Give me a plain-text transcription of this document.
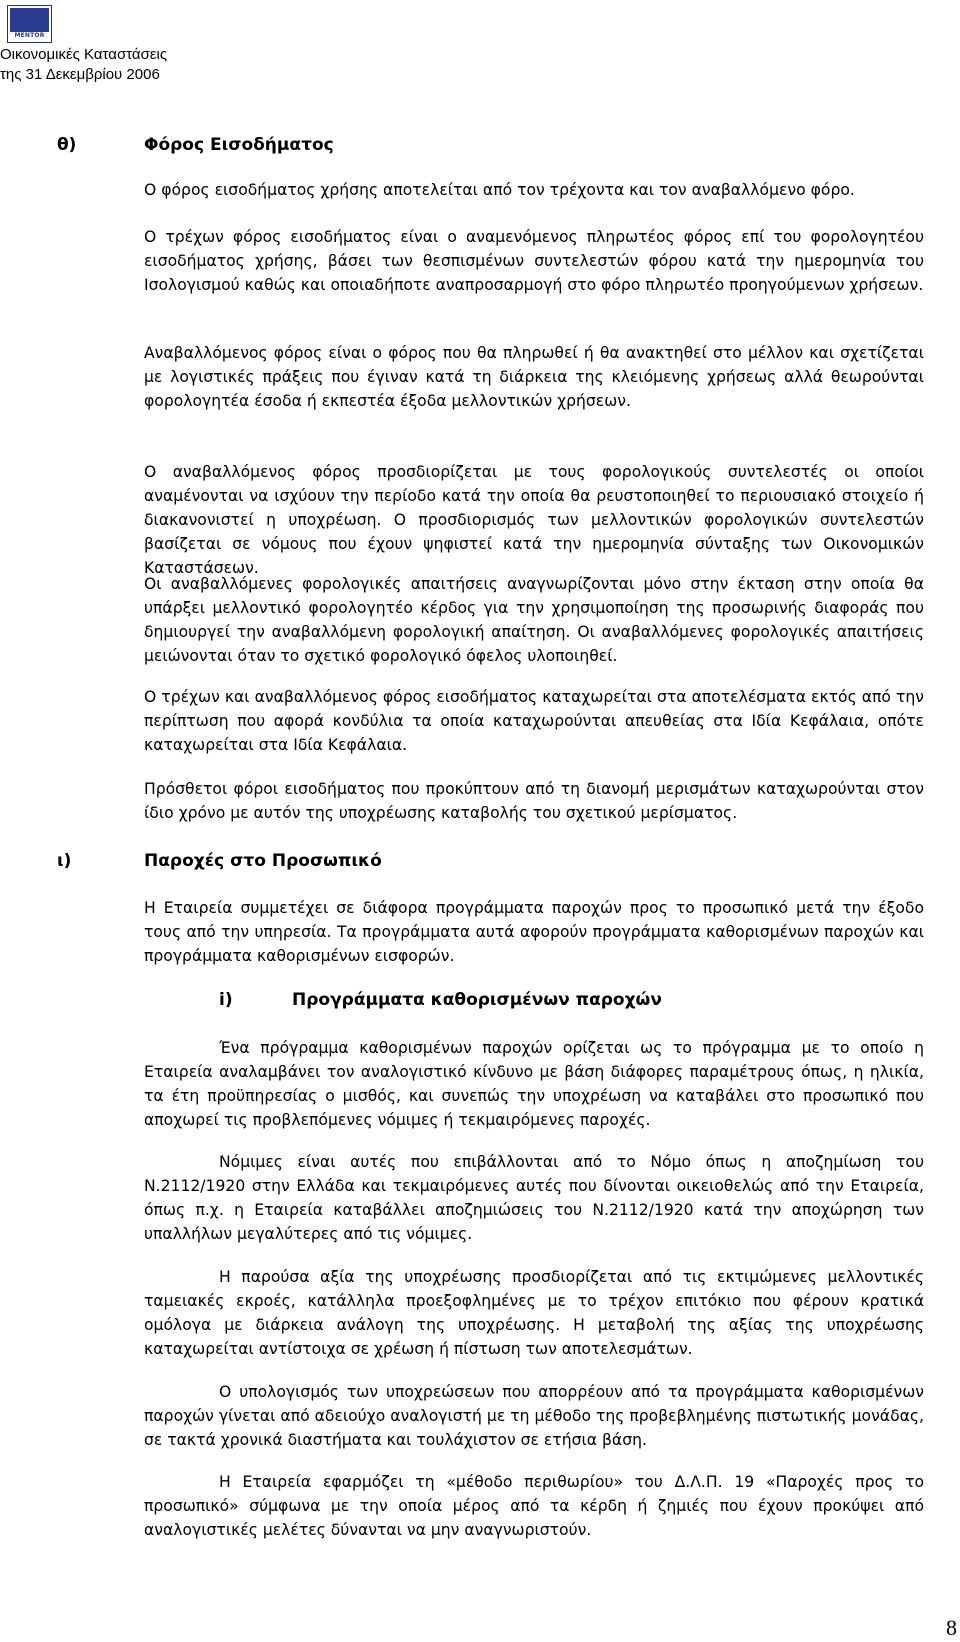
MENTOR
Οικονομικές Καταστάσεις
της 31 Δεκεμβρίου 2006
θ)	Φόρος Εισοδήματος
Ο φόρος εισοδήματος χρήσης αποτελείται από τον τρέχοντα και τον αναβαλλόμενο φόρο.
Ο τρέχων φόρος εισοδήματος είναι ο αναμενόμενος πληρωτέος φόρος επί του φορολογητέου εισοδήματος χρήσης, βάσει των θεσπισμένων συντελεστών φόρου κατά την ημερομηνία του Ισολογισμού καθώς και οποιαδήποτε αναπροσαρμογή στο φόρο πληρωτέο προηγούμενων χρήσεων.
Αναβαλλόμενος φόρος είναι ο φόρος που θα πληρωθεί ή θα ανακτηθεί στο μέλλον και σχετίζεται με λογιστικές πράξεις που έγιναν κατά τη διάρκεια της κλειόμενης χρήσεως αλλά θεωρούνται φορολογητέα έσοδα ή εκπεστέα έξοδα μελλοντικών χρήσεων.
Ο αναβαλλόμενος φόρος προσδιορίζεται με τους φορολογικούς συντελεστές οι οποίοι αναμένονται να ισχύουν την περίοδο κατά την οποία θα ρευστοποιηθεί το περιουσιακό στοιχείο ή διακανονιστεί η υποχρέωση. Ο προσδιορισμός των μελλοντικών φορολογικών συντελεστών βασίζεται σε νόμους που έχουν ψηφιστεί κατά την ημερομηνία σύνταξης των Οικονομικών Καταστάσεων.
Οι αναβαλλόμενες φορολογικές απαιτήσεις αναγνωρίζονται μόνο στην έκταση στην οποία θα υπάρξει μελλοντικό φορολογητέο κέρδος για την χρησιμοποίηση της προσωρινής διαφοράς που δημιουργεί την αναβαλλόμενη φορολογική απαίτηση. Οι αναβαλλόμενες φορολογικές απαιτήσεις μειώνονται όταν το σχετικό φορολογικό όφελος υλοποιηθεί.
Ο τρέχων και αναβαλλόμενος φόρος εισοδήματος καταχωρείται στα αποτελέσματα εκτός από την περίπτωση που αφορά κονδύλια τα οποία καταχωρούνται απευθείας στα Ιδία Κεφάλαια, οπότε καταχωρείται στα Ιδία Κεφάλαια.
Πρόσθετοι φόροι εισοδήματος που προκύπτουν από τη διανομή μερισμάτων καταχωρούνται στον ίδιο χρόνο με αυτόν της υποχρέωσης καταβολής του σχετικού μερίσματος.
ι)	Παροχές στο Προσωπικό
Η Εταιρεία συμμετέχει σε διάφορα προγράμματα παροχών προς το προσωπικό μετά την έξοδο τους από την υπηρεσία. Τα προγράμματα αυτά αφορούν προγράμματα καθορισμένων παροχών και προγράμματα καθορισμένων εισφορών.
i)	Προγράμματα καθορισμένων παροχών
Ένα πρόγραμμα καθορισμένων παροχών ορίζεται ως το πρόγραμμα με το οποίο η Εταιρεία αναλαμβάνει τον αναλογιστικό κίνδυνο με βάση διάφορες παραμέτρους όπως, η ηλικία, τα έτη προϋπηρεσίας ο μισθός, και συνεπώς την υποχρέωση να καταβάλει στο προσωπικό που αποχωρεί τις προβλεπόμενες νόμιμες ή τεκμαιρόμενες παροχές.
Νόμιμες είναι αυτές που επιβάλλονται από το Νόμο όπως η αποζημίωση του Ν.2112/1920 στην Ελλάδα και τεκμαιρόμενες αυτές που δίνονται οικειοθελώς από την Εταιρεία, όπως π.χ. η Εταιρεία καταβάλλει αποζημιώσεις του Ν.2112/1920 κατά την αποχώρηση των υπαλλήλων μεγαλύτερες από τις νόμιμες.
Η παρούσα αξία της υποχρέωσης προσδιορίζεται από τις εκτιμώμενες μελλοντικές ταμειακές εκροές, κατάλληλα προεξοφλημένες με το τρέχον επιτόκιο που φέρουν κρατικά ομόλογα με διάρκεια ανάλογη της υποχρέωσης. Η μεταβολή της αξίας της υποχρέωσης καταχωρείται αντίστοιχα σε χρέωση ή πίστωση των αποτελεσμάτων.
Ο υπολογισμός των υποχρεώσεων που απορρέουν από τα προγράμματα καθορισμένων παροχών γίνεται από αδειούχο αναλογιστή με τη μέθοδο της προβεβλημένης πιστωτικής μονάδας, σε τακτά χρονικά διαστήματα και τουλάχιστον σε ετήσια βάση.
Η Εταιρεία εφαρμόζει τη «μέθοδο περιθωρίου» του Δ.Λ.Π. 19 «Παροχές προς το προσωπικό» σύμφωνα με την οποία μέρος από τα κέρδη ή ζημιές που έχουν προκύψει από αναλογιστικές μελέτες δύνανται να μην αναγνωριστούν.
8
